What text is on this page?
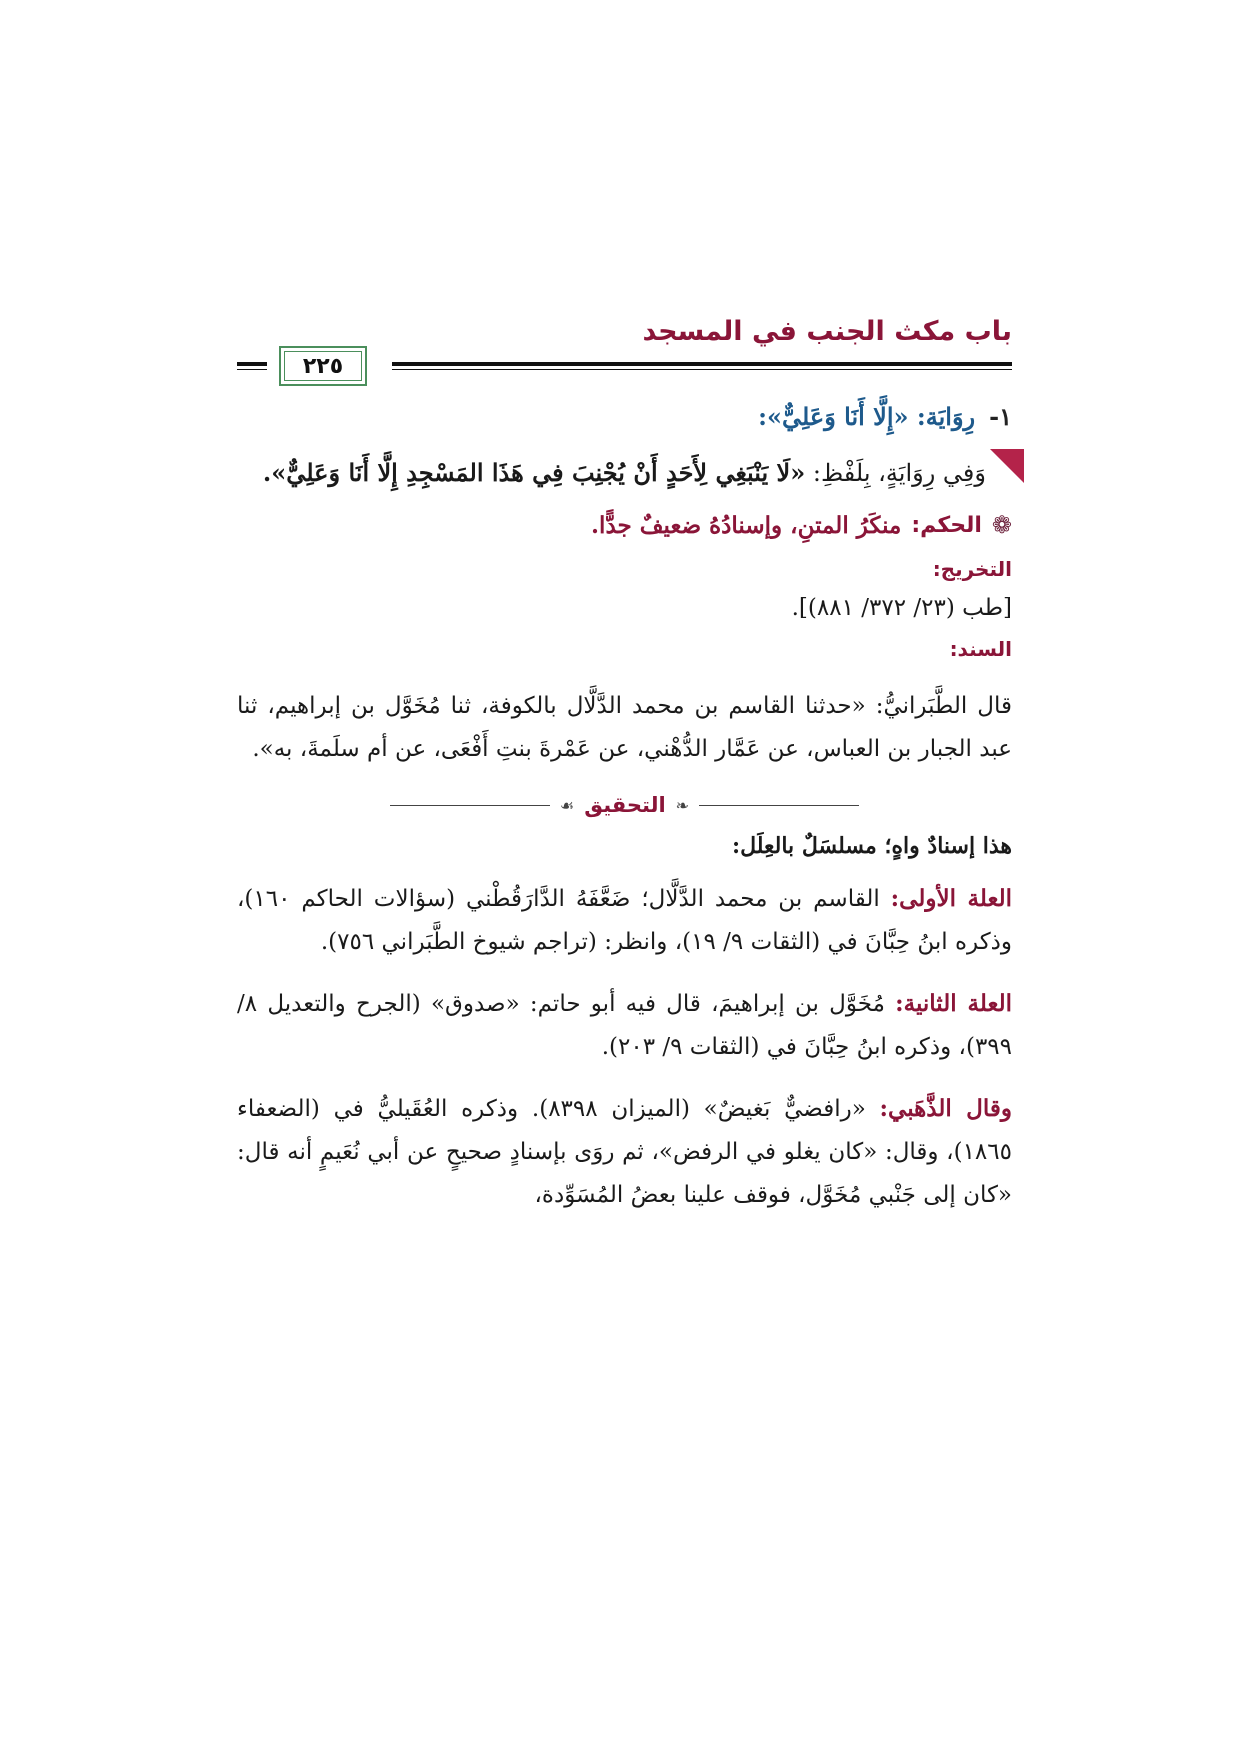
باب مكث الجنب في المسجد
٢٢٥
١-رِوَايَة: «إِلَّا أَنَا وَعَلِيٌّ»:
وَفِي رِوَايَةٍ، بِلَفْظِ: «لَا يَنْبَغِي لِأَحَدٍ أَنْ يُجْنِبَ فِي هَذَا المَسْجِدِ إِلَّا أَنَا وَعَلِيٌّ».
❁
الحكم:
منكَرُ المتنِ، وإسنادُهُ ضعيفٌ جدًّا.
التخريج:
[طب (٢٣/ ٣٧٢/ ٨٨١)].
السند:
قال الطَّبَرانيُّ: «حدثنا القاسم بن محمد الدَّلَّال بالكوفة، ثنا مُخَوَّل بن إبراهيم، ثنا عبد الجبار بن العباس، عن عَمَّار الدُّهْني، عن عَمْرةَ بنتِ أَفْعَى، عن أم سلَمةَ، به».
❧
التحقيق
☙
هذا إسنادٌ واهٍ؛ مسلسَلٌ بالعِلَل:
العلة الأولى: القاسم بن محمد الدَّلَّال؛ ضَعَّفَهُ الدَّارَقُطْني (سؤالات الحاكم ١٦٠)، وذكره ابنُ حِبَّانَ في (الثقات ٩/ ١٩)، وانظر: (تراجم شيوخ الطَّبَراني ٧٥٦).
العلة الثانية: مُخَوَّل بن إبراهيمَ، قال فيه أبو حاتم: «صدوق» (الجرح والتعديل ٨/ ٣٩٩)، وذكره ابنُ حِبَّانَ في (الثقات ٩/ ٢٠٣).
وقال الذَّهَبي: «رافضيٌّ بَغيضٌ» (الميزان ٨٣٩٨). وذكره العُقَيليُّ في (الضعفاء ١٨٦٥)، وقال: «كان يغلو في الرفض»، ثم روَى بإسنادٍ صحيحٍ عن أبي نُعَيمٍ أنه قال: «كان إلى جَنْبي مُخَوَّل، فوقف علينا بعضُ المُسَوِّدة،
